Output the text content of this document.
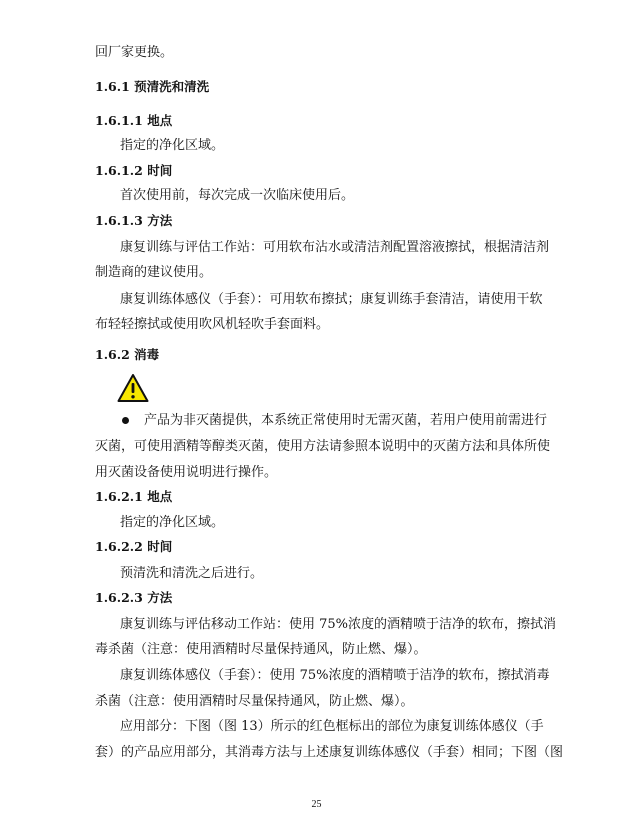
回厂家更换。

1.6.1 预清洗和清洗

1.6.1.1 地点

指定的净化区域。

1.6.1.2 时间

首次使用前，每次完成一次临床使用后。

1.6.1.3 方法

康复训练与评估工作站：可用软布沾水或清洁剂配置溶液擦拭，根据清洁剂

制造商的建议使用。

康复训练体感仪（手套）：可用软布擦拭；康复训练手套清洁，请使用干软

布轻轻擦拭或使用吹风机轻吹手套面料。

1.6.2 消毒

产品为非灭菌提供，本系统正常使用时无需灭菌，若用户使用前需进行

灭菌，可使用酒精等醇类灭菌，使用方法请参照本说明中的灭菌方法和具体所使

用灭菌设备使用说明进行操作。

1.6.2.1 地点

指定的净化区域。

1.6.2.2 时间

预清洗和清洗之后进行。

1.6.2.3 方法

康复训练与评估移动工作站：使用 75%浓度的酒精喷于洁净的软布，擦拭消

毒杀菌（注意：使用酒精时尽量保持通风，防止燃、爆）。

康复训练体感仪（手套）：使用 75%浓度的酒精喷于洁净的软布，擦拭消毒

杀菌（注意：使用酒精时尽量保持通风，防止燃、爆）。

应用部分：下图（图 13）所示的红色框标出的部位为康复训练体感仪（手

套）的产品应用部分，其消毒方法与上述康复训练体感仪（手套）相同；下图（图

25
